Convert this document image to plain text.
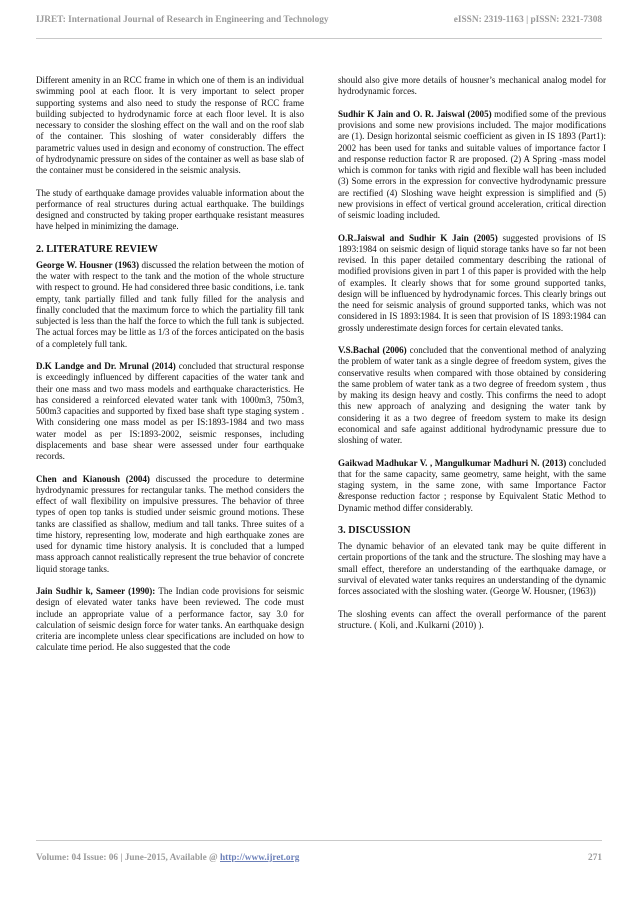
IJRET: International Journal of Research in Engineering and Technology	eISSN: 2319-1163 | pISSN: 2321-7308

Different amenity in an RCC frame in which one of them is an individual swimming pool at each floor. It is very important to select proper supporting systems and also need to study the response of RCC frame building subjected to hydrodynamic force at each floor level. It is also necessary to consider the sloshing effect on the wall and on the roof slab of the container. This sloshing of water considerably differs the parametric values used in design and economy of construction. The effect of hydrodynamic pressure on sides of the container as well as base slab of the container must be considered in the seismic analysis.

The study of earthquake damage provides valuable information about the performance of real structures during actual earthquake. The buildings designed and constructed by taking proper earthquake resistant measures have helped in minimizing the damage.

2. LITERATURE REVIEW

George W. Housner (1963) discussed the relation between the motion of the water with respect to the tank and the motion of the whole structure with respect to ground. He had considered three basic conditions, i.e. tank empty, tank partially filled and tank fully filled for the analysis and finally concluded that the maximum force to which the partiality fill tank subjected is less than the half the force to which the full tank is subjected. The actual forces may be little as 1/3 of the forces anticipated on the basis of a completely full tank.

D.K Landge and Dr. Mrunal (2014) concluded that structural response is exceedingly influenced by different capacities of the water tank and their one mass and two mass models and earthquake characteristics. He has considered a reinforced elevated water tank with 1000m3, 750m3, 500m3 capacities and supported by fixed base shaft type staging system . With considering one mass model as per IS:1893-1984 and two mass water model as per IS:1893-2002, seismic responses, including displacements and base shear were assessed under four earthquake records.

Chen and Kianoush (2004) discussed the procedure to determine hydrodynamic pressures for rectangular tanks. The method considers the effect of wall flexibility on impulsive pressures. The behavior of three types of open top tanks is studied under seismic ground motions. These tanks are classified as shallow, medium and tall tanks. Three suites of a time history, representing low, moderate and high earthquake zones are used for dynamic time history analysis. It is concluded that a lumped mass approach cannot realistically represent the true behavior of concrete liquid storage tanks.

Jain Sudhir k, Sameer (1990): The Indian code provisions for seismic design of elevated water tanks have been reviewed. The code must include an appropriate value of a performance factor, say 3.0 for calculation of seismic design force for water tanks. An earthquake design criteria are incomplete unless clear specifications are included on how to calculate time period. He also suggested that the code

should also give more details of housner’s mechanical analog model for hydrodynamic forces.

Sudhir K Jain and O. R. Jaiswal (2005) modified some of the previous provisions and some new provisions included. The major modifications are (1). Design horizontal seismic coefficient as given in IS 1893 (Part1): 2002 has been used for tanks and suitable values of importance factor I and response reduction factor R are proposed. (2) A Spring -mass model which is common for tanks with rigid and flexible wall has been included (3) Some errors in the expression for convective hydrodynamic pressure are rectified (4) Sloshing wave height expression is simplified and (5) new provisions in effect of vertical ground acceleration, critical direction of seismic loading included.

O.R.Jaiswal and Sudhir K Jain (2005) suggested provisions of IS 1893:1984 on seismic design of liquid storage tanks have so far not been revised. In this paper detailed commentary describing the rational of modified provisions given in part 1 of this paper is provided with the help of examples. It clearly shows that for some ground supported tanks, design will be influenced by hydrodynamic forces. This clearly brings out the need for seismic analysis of ground supported tanks, which was not considered in IS 1893:1984. It is seen that provision of IS 1893:1984 can grossly underestimate design forces for certain elevated tanks.

V.S.Bachal (2006) concluded that the conventional method of analyzing the problem of water tank as a single degree of freedom system, gives the conservative results when compared with those obtained by considering the same problem of water tank as a two degree of freedom system , thus by making its design heavy and costly. This confirms the need to adopt this new approach of analyzing and designing the water tank by considering it as a two degree of freedom system to make its design economical and safe against additional hydrodynamic pressure due to sloshing of water.

Gaikwad Madhukar V. , Mangulkumar Madhuri N. (2013) concluded that for the same capacity, same geometry, same height, with the same staging system, in the same zone, with same Importance Factor &response reduction factor ; response by Equivalent Static Method to Dynamic method differ considerably.

3. DISCUSSION

The dynamic behavior of an elevated tank may be quite different in certain proportions of the tank and the structure. The sloshing may have a small effect, therefore an understanding of the earthquake damage, or survival of elevated water tanks requires an understanding of the dynamic forces associated with the sloshing water. (George W. Housner, (1963))

The sloshing events can affect the overall performance of the parent structure. ( Koli, and .Kulkarni (2010) ).

Volume: 04 Issue: 06 | June-2015, Available @ http://www.ijret.org	271
